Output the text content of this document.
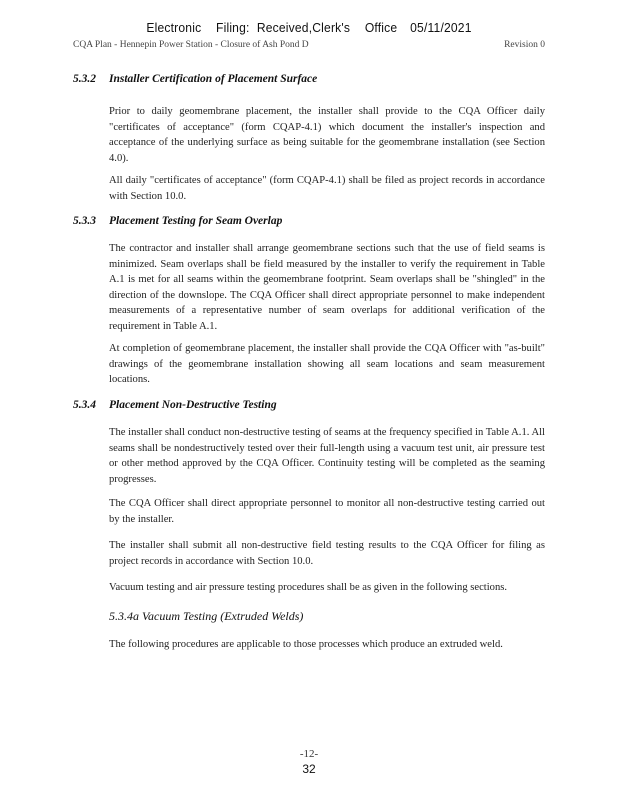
Electronic Filing: Received,Clerk's Office 05/11/2021
CQA Plan - Hennepin Power Station - Closure of Ash Pond D	Revision 0
5.3.2 Installer Certification of Placement Surface
Prior to daily geomembrane placement, the installer shall provide to the CQA Officer daily "certificates of acceptance" (form CQAP-4.1) which document the installer's inspection and acceptance of the underlying surface as being suitable for the geomembrane installation (see Section 4.0).
All daily "certificates of acceptance" (form CQAP-4.1) shall be filed as project records in accordance with Section 10.0.
5.3.3 Placement Testing for Seam Overlap
The contractor and installer shall arrange geomembrane sections such that the use of field seams is minimized. Seam overlaps shall be field measured by the installer to verify the requirement in Table A.1 is met for all seams within the geomembrane footprint. Seam overlaps shall be "shingled" in the direction of the downslope. The CQA Officer shall direct appropriate personnel to make independent measurements of a representative number of seam overlaps for additional verification of the requirement in Table A.1.
At completion of geomembrane placement, the installer shall provide the CQA Officer with "as-built" drawings of the geomembrane installation showing all seam locations and seam measurement locations.
5.3.4 Placement Non-Destructive Testing
The installer shall conduct non-destructive testing of seams at the frequency specified in Table A.1. All seams shall be nondestructively tested over their full-length using a vacuum test unit, air pressure test or other method approved by the CQA Officer. Continuity testing will be completed as the seaming progresses.
The CQA Officer shall direct appropriate personnel to monitor all non-destructive testing carried out by the installer.
The installer shall submit all non-destructive field testing results to the CQA Officer for filing as project records in accordance with Section 10.0.
Vacuum testing and air pressure testing procedures shall be as given in the following sections.
5.3.4a Vacuum Testing (Extruded Welds)
The following procedures are applicable to those processes which produce an extruded weld.
-12-
32
